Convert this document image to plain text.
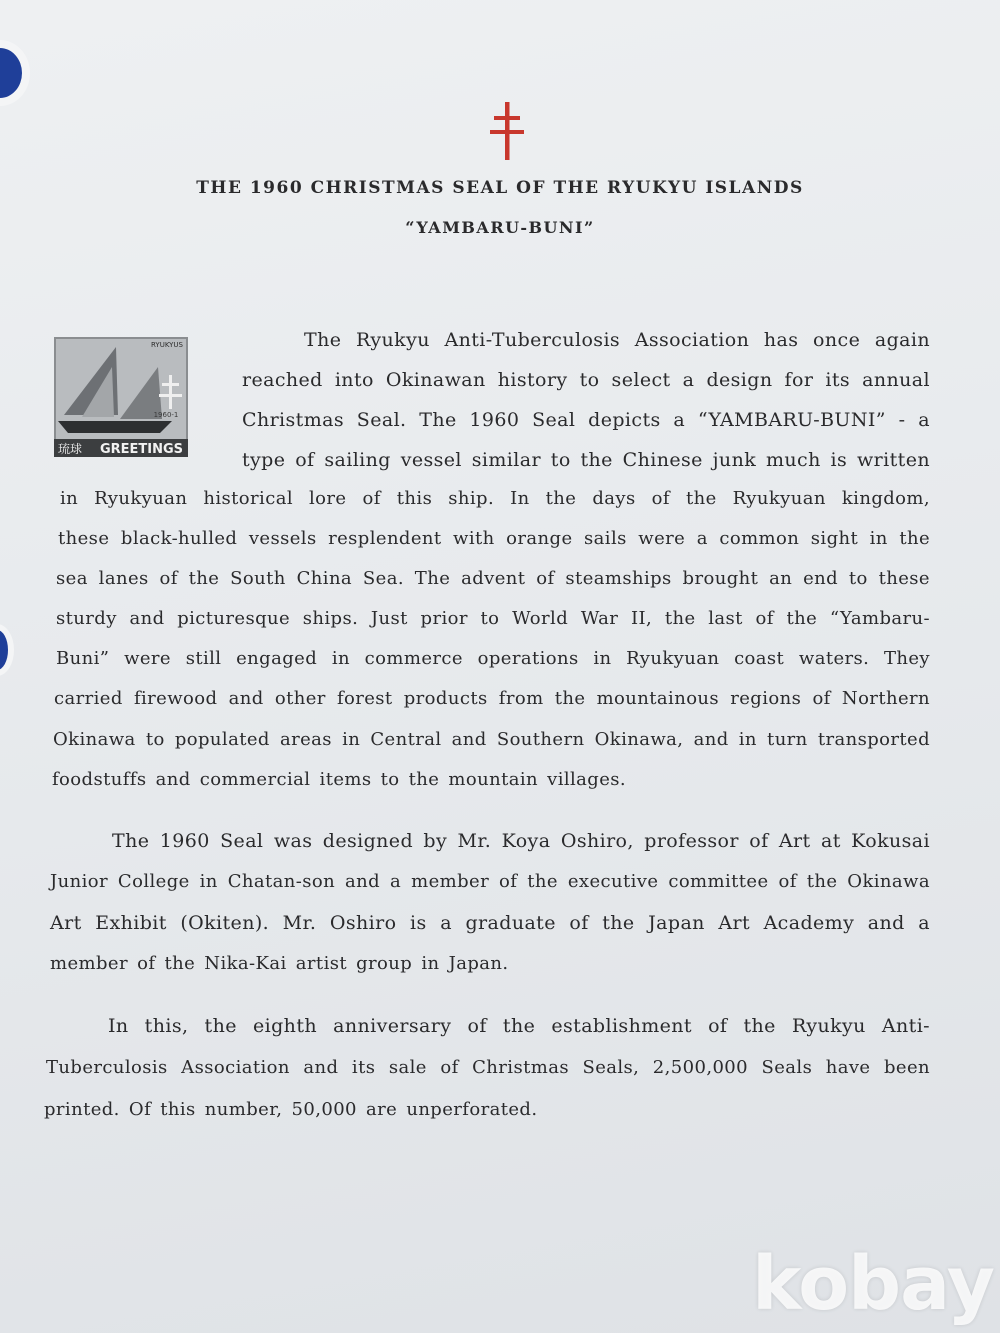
THE 1960 CHRISTMAS SEAL OF THE RYUKYU ISLANDS
“YAMBARU-BUNI”
RYUKYUS
1960-1
琉球 GREETINGS
The Ryukyu Anti-Tuberculosis Association has once again
reached into Okinawan history to select a design for its annual
Christmas Seal. The 1960 Seal depicts a “YAMBARU-BUNI” - a
type of sailing vessel similar to the Chinese junk much is written
in Ryukyuan historical lore of this ship. In the days of the Ryukyuan kingdom,
these black-hulled vessels resplendent with orange sails were a common sight in the
sea lanes of the South China Sea. The advent of steamships brought an end to these
sturdy and picturesque ships. Just prior to World War II, the last of the “Yambaru-
Buni” were still engaged in commerce operations in Ryukyuan coast waters. They
carried firewood and other forest products from the mountainous regions of Northern
Okinawa to populated areas in Central and Southern Okinawa, and in turn transported
foodstuffs and commercial items to the mountain villages.
The 1960 Seal was designed by Mr. Koya Oshiro, professor of Art at Kokusai
Junior College in Chatan-son and a member of the executive committee of the Okinawa
Art Exhibit (Okiten). Mr. Oshiro is a graduate of the Japan Art Academy and a
member of the Nika-Kai artist group in Japan.
In this, the eighth anniversary of the establishment of the Ryukyu Anti-
Tuberculosis Association and its sale of Christmas Seals, 2,500,000 Seals have been
printed. Of this number, 50,000 are unperforated.
kobay
